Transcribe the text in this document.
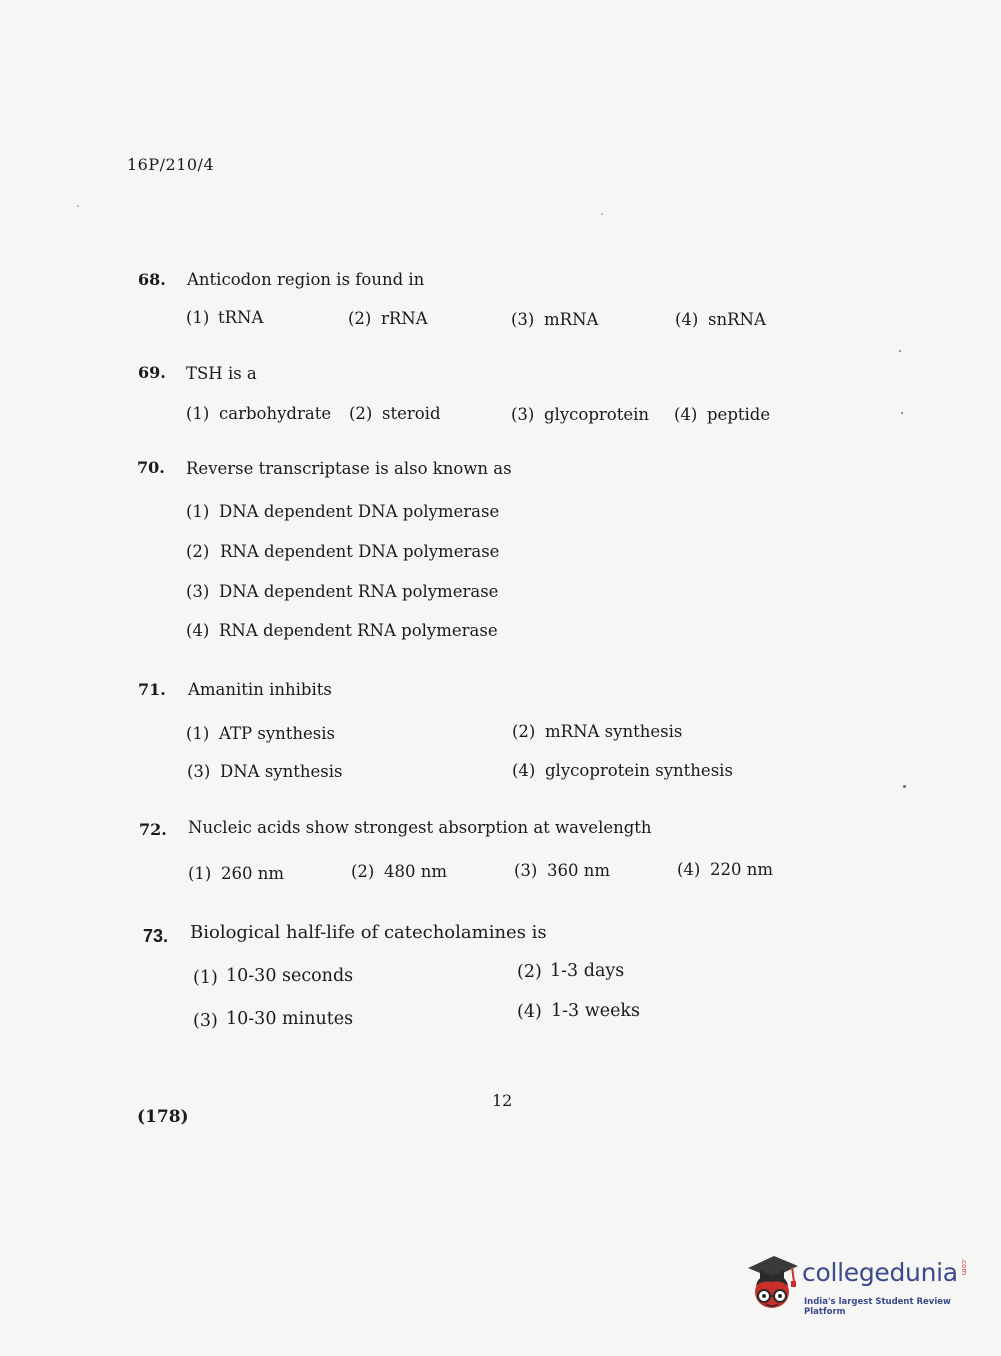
16P/210/4
68. Anticodon region is found in
(1) tRNA	(2) rRNA	(3) mRNA	(4) snRNA
69. TSH is a
(1) carbohydrate (2) steroid	(3) glycoprotein (4) peptide
70. Reverse transcriptase is also known as
(1) DNA dependent DNA polymerase
(2) RNA dependent DNA polymerase
(3) DNA dependent RNA polymerase
(4) RNA dependent RNA polymerase
71. Amanitin inhibits
(1) ATP synthesis	(2) mRNA synthesis
(3) DNA synthesis	(4) glycoprotein synthesis
72. Nucleic acids show strongest absorption at wavelength
(1) 260 nm	(2) 480 nm	(3) 360 nm	(4) 220 nm
73. Biological half-life of catecholamines is
(1) 10-30 seconds	(2) 1-3 days
(3) 10-30 minutes	(4) 1-3 weeks
12
(178)
collegedunia .com
India's largest Student Review Platform
